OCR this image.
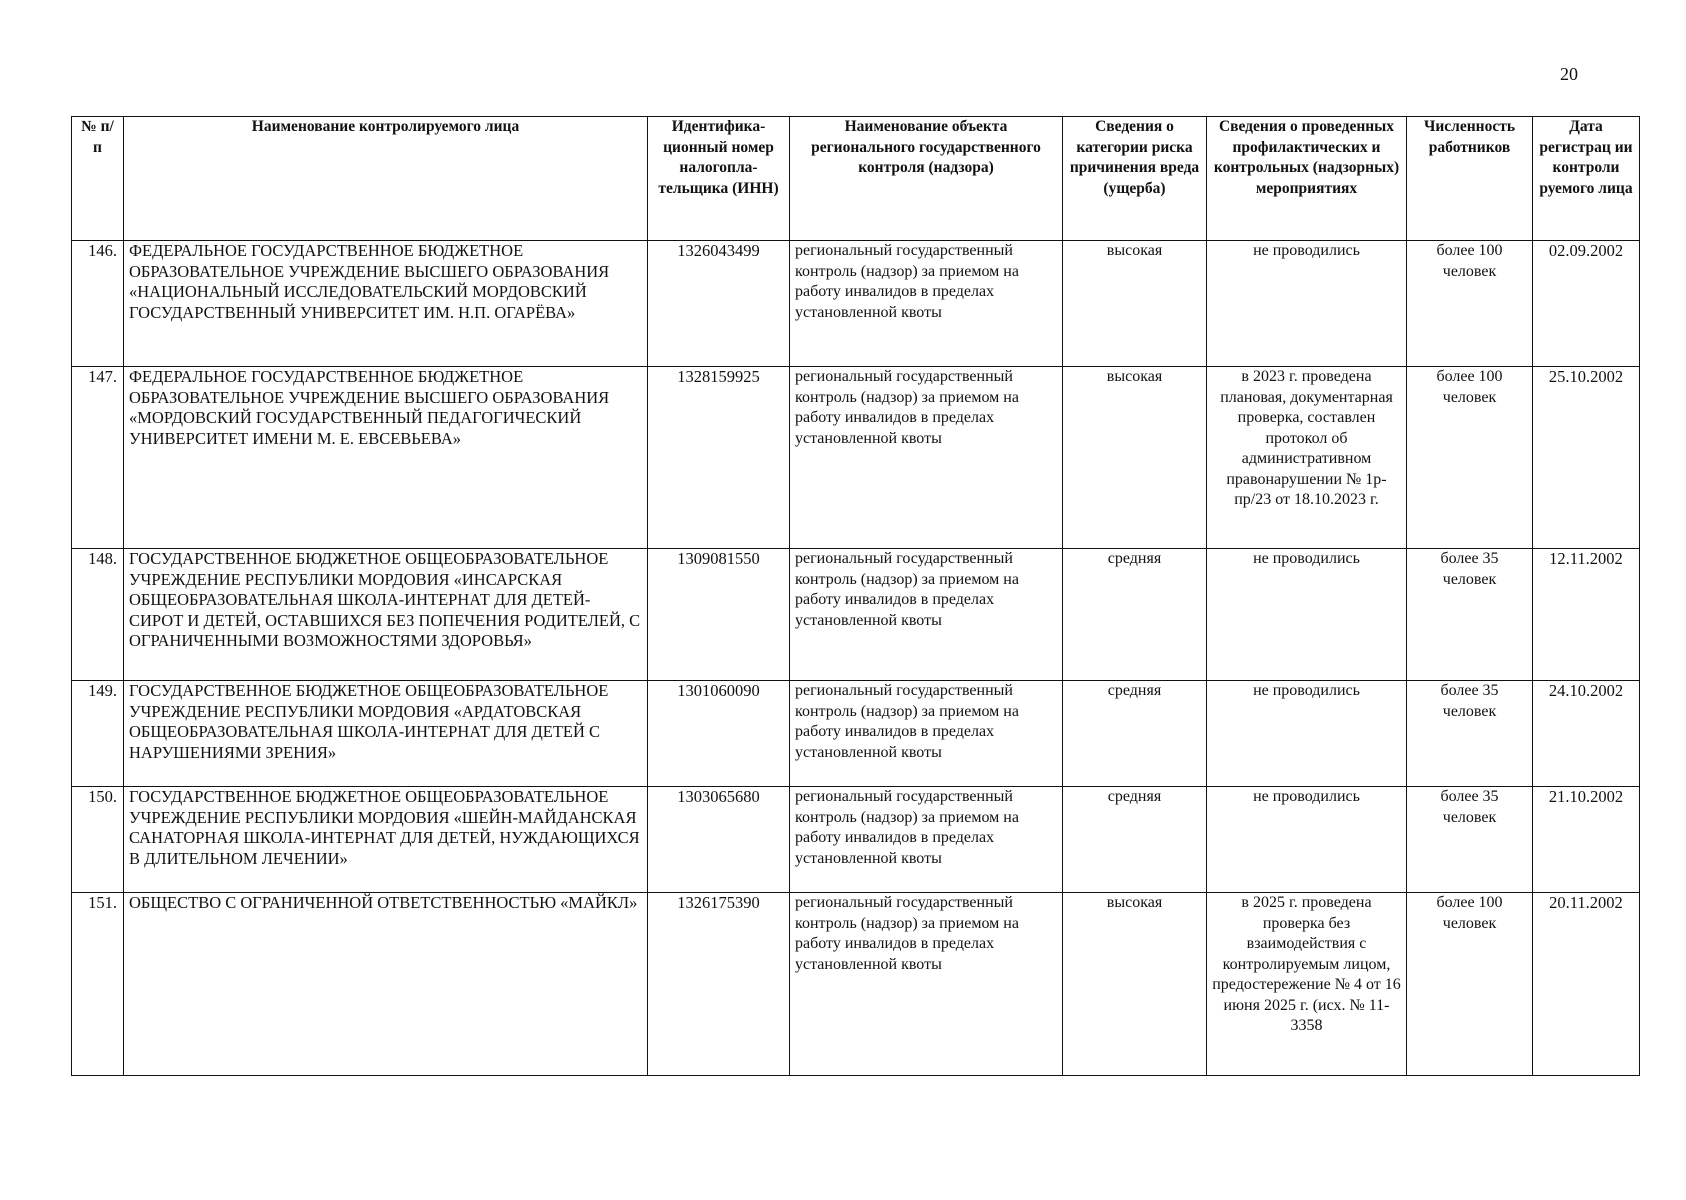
20
№ п/п	Наименование контролируемого лица	Идентифика-ционный номер налогопла-тельщика (ИНН)	Наименование объекта регионального государственного контроля (надзора)	Сведения о категории риска причинения вреда (ущерба)	Сведения о проведенных профилактических и контрольных (надзорных) мероприятиях	Численность работников	Дата регистрац ии контроли руемого лица
146.	ФЕДЕРАЛЬНОЕ ГОСУДАРСТВЕННОЕ БЮДЖЕТНОЕ ОБРАЗОВАТЕЛЬНОЕ УЧРЕЖДЕНИЕ ВЫСШЕГО ОБРАЗОВАНИЯ «НАЦИОНАЛЬНЫЙ ИССЛЕДОВАТЕЛЬСКИЙ МОРДОВСКИЙ ГОСУДАРСТВЕННЫЙ УНИВЕРСИТЕТ ИМ. Н.П. ОГАРЁВА»	1326043499	региональный государственный контроль (надзор) за приемом на работу инвалидов в пределах установленной квоты	высокая	не проводились	более 100 человек	02.09.2002
147.	ФЕДЕРАЛЬНОЕ ГОСУДАРСТВЕННОЕ БЮДЖЕТНОЕ ОБРАЗОВАТЕЛЬНОЕ УЧРЕЖДЕНИЕ ВЫСШЕГО ОБРАЗОВАНИЯ «МОРДОВСКИЙ ГОСУДАРСТВЕННЫЙ ПЕДАГОГИЧЕСКИЙ УНИВЕРСИТЕТ ИМЕНИ М. Е. ЕВСЕВЬЕВА»	1328159925	региональный государственный контроль (надзор) за приемом на работу инвалидов в пределах установленной квоты	высокая	в 2023 г. проведена плановая, документарная проверка, составлен протокол об административном правонарушении № 1р-пр/23 от 18.10.2023 г.	более 100 человек	25.10.2002
148.	ГОСУДАРСТВЕННОЕ БЮДЖЕТНОЕ ОБЩЕОБРАЗОВАТЕЛЬНОЕ УЧРЕЖДЕНИЕ РЕСПУБЛИКИ МОРДОВИЯ «ИНСАРСКАЯ ОБЩЕОБРАЗОВАТЕЛЬНАЯ ШКОЛА-ИНТЕРНАТ ДЛЯ ДЕТЕЙ-СИРОТ И ДЕТЕЙ, ОСТАВШИХСЯ БЕЗ ПОПЕЧЕНИЯ РОДИТЕЛЕЙ, С ОГРАНИЧЕННЫМИ ВОЗМОЖНОСТЯМИ ЗДОРОВЬЯ»	1309081550	региональный государственный контроль (надзор) за приемом на работу инвалидов в пределах установленной квоты	средняя	не проводились	более 35 человек	12.11.2002
149.	ГОСУДАРСТВЕННОЕ БЮДЖЕТНОЕ ОБЩЕОБРАЗОВАТЕЛЬНОЕ УЧРЕЖДЕНИЕ РЕСПУБЛИКИ МОРДОВИЯ «АРДАТОВСКАЯ ОБЩЕОБРАЗОВАТЕЛЬНАЯ ШКОЛА-ИНТЕРНАТ ДЛЯ ДЕТЕЙ С НАРУШЕНИЯМИ ЗРЕНИЯ»	1301060090	региональный государственный контроль (надзор) за приемом на работу инвалидов в пределах установленной квоты	средняя	не проводились	более 35 человек	24.10.2002
150.	ГОСУДАРСТВЕННОЕ БЮДЖЕТНОЕ ОБЩЕОБРАЗОВАТЕЛЬНОЕ УЧРЕЖДЕНИЕ РЕСПУБЛИКИ МОРДОВИЯ «ШЕЙН-МАЙДАНСКАЯ САНАТОРНАЯ ШКОЛА-ИНТЕРНАТ ДЛЯ ДЕТЕЙ, НУЖДАЮЩИХСЯ В ДЛИТЕЛЬНОМ ЛЕЧЕНИИ»	1303065680	региональный государственный контроль (надзор) за приемом на работу инвалидов в пределах установленной квоты	средняя	не проводились	более 35 человек	21.10.2002
151.	ОБЩЕСТВО С ОГРАНИЧЕННОЙ ОТВЕТСТВЕННОСТЬЮ «МАЙКЛ»	1326175390	региональный государственный контроль (надзор) за приемом на работу инвалидов в пределах установленной квоты	высокая	в 2025 г. проведена проверка без взаимодействия с контролируемым лицом, предостережение № 4 от 16 июня 2025 г. (исх. № 11-3358	более 100 человек	20.11.2002
